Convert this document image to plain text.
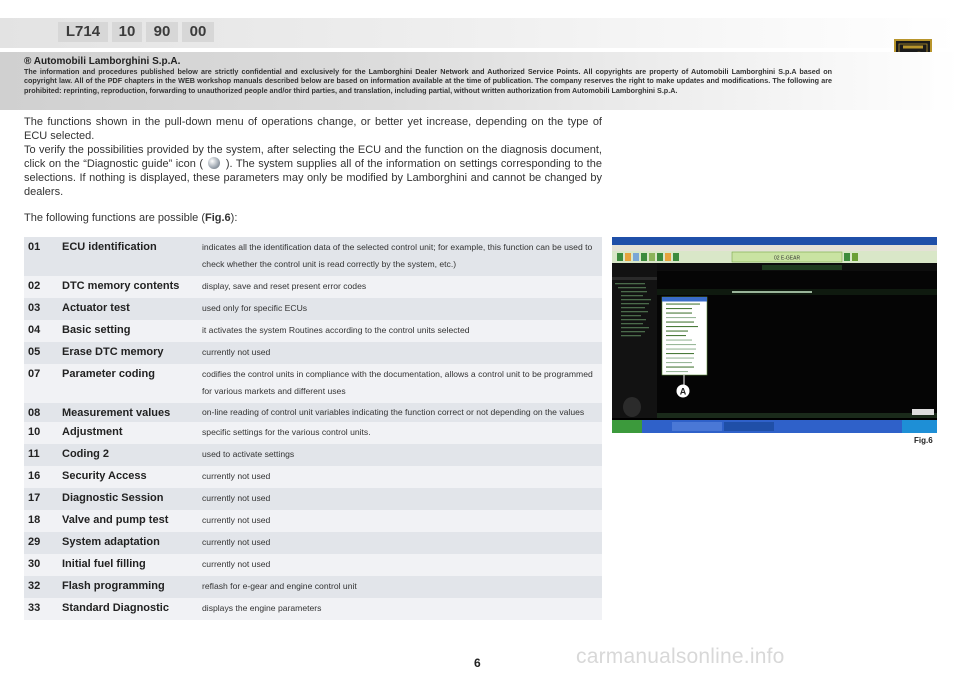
L714	10	90	00
® Automobili Lamborghini S.p.A.
The information and procedures published below are strictly confidential and exclusively for the Lamborghini Dealer Network and Authorized Service Points. All copyrights are property of Automobili Lamborghini S.p.A based on copyright law. All of the PDF chapters in the WEB workshop manuals described below are based on information available at the time of publication. The company reserves the right to make updates and modifications. The following are prohibited: reprinting, reproduction, forwarding to unauthorized people and/or third parties, and translation, including partial, without written authorization from Automobili Lamborghini S.p.A.

The functions shown in the pull-down menu of operations change, or better yet increase, depending on the type of ECU selected.

To verify the possibilities provided by the system, after selecting the ECU and the function on the diagnosis document, click on the “Diagnostic guide” icon ( ). The system supplies all of the information on settings corresponding to the selections. If nothing is displayed, these parameters may only be modified by Lamborghini and cannot be changed by dealers.

The following functions are possible (Fig.6):
01	ECU identification	indicates all the identification data of the selected control unit; for example, this function can be used to check whether the control unit is read correctly by the system, etc.)
02	DTC memory contents	display, save and reset present error codes
03	Actuator test	used only for specific ECUs
04	Basic setting	it activates the system Routines according to the control units selected
05	Erase DTC memory	currently not used
07	Parameter coding	codifies the control units in compliance with the documentation, allows a control unit to be programmed for various markets and different uses
08	Measurement values	on-line reading of control unit variables indicating the function correct or not depending on the values
10	Adjustment	specific settings for the various control units.
11	Coding 2	used to activate settings
16	Security Access	currently not used
17	Diagnostic Session	currently not used
18	Valve and pump test	currently not used
29	System adaptation	currently not used
30	Initial fuel filling	currently not used
32	Flash programming	reflash for e-gear and engine control unit
33	Standard Diagnostic	displays the engine parameters
02 E-GEAR
A
Fig.6
6	carmanualsonline.info
